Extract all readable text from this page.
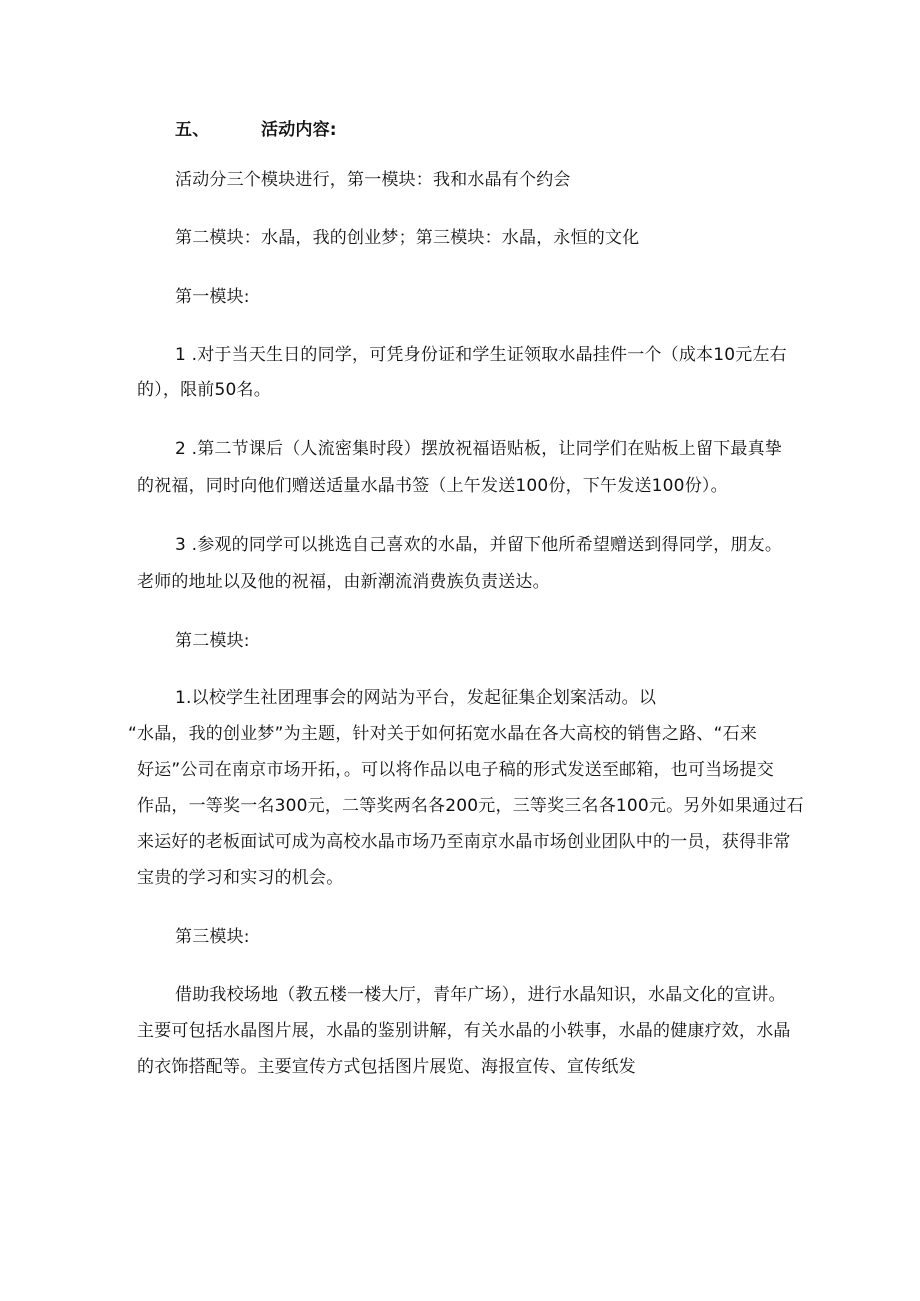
五、	活动内容:
活动分三个模块进行，第一模块：我和水晶有个约会
第二模块：水晶，我的创业梦；第三模块：水晶，永恒的文化
第一模块:
1 .对于当天生日的同学，可凭身份证和学生证领取水晶挂件一个（成本10元左右
的），限前50名。
2 .第二节课后（人流密集时段）摆放祝福语贴板，让同学们在贴板上留下最真挚
的祝福，同时向他们赠送适量水晶书签（上午发送100份，下午发送100份）。
3 .参观的同学可以挑选自己喜欢的水晶，并留下他所希望赠送到得同学，朋友。
老师的地址以及他的祝福，由新潮流消费族负责送达。
第二模块:
1.以校学生社团理事会的网站为平台，发起征集企划案活动。以
“水晶，我的创业梦”为主题，针对关于如何拓宽水晶在各大高校的销售之路、“石来
好运”公司在南京市场开拓，。可以将作品以电子稿的形式发送至邮箱，也可当场提交
作品，一等奖一名300元，二等奖两名各200元，三等奖三名各100元。另外如果通过石
来运好的老板面试可成为高校水晶市场乃至南京水晶市场创业团队中的一员，获得非常
宝贵的学习和实习的机会。
第三模块:
借助我校场地（教五楼一楼大厅，青年广场），进行水晶知识，水晶文化的宣讲。
主要可包括水晶图片展，水晶的鉴别讲解，有关水晶的小轶事，水晶的健康疗效，水晶
的衣饰搭配等。主要宣传方式包括图片展览、海报宣传、宣传纸发
